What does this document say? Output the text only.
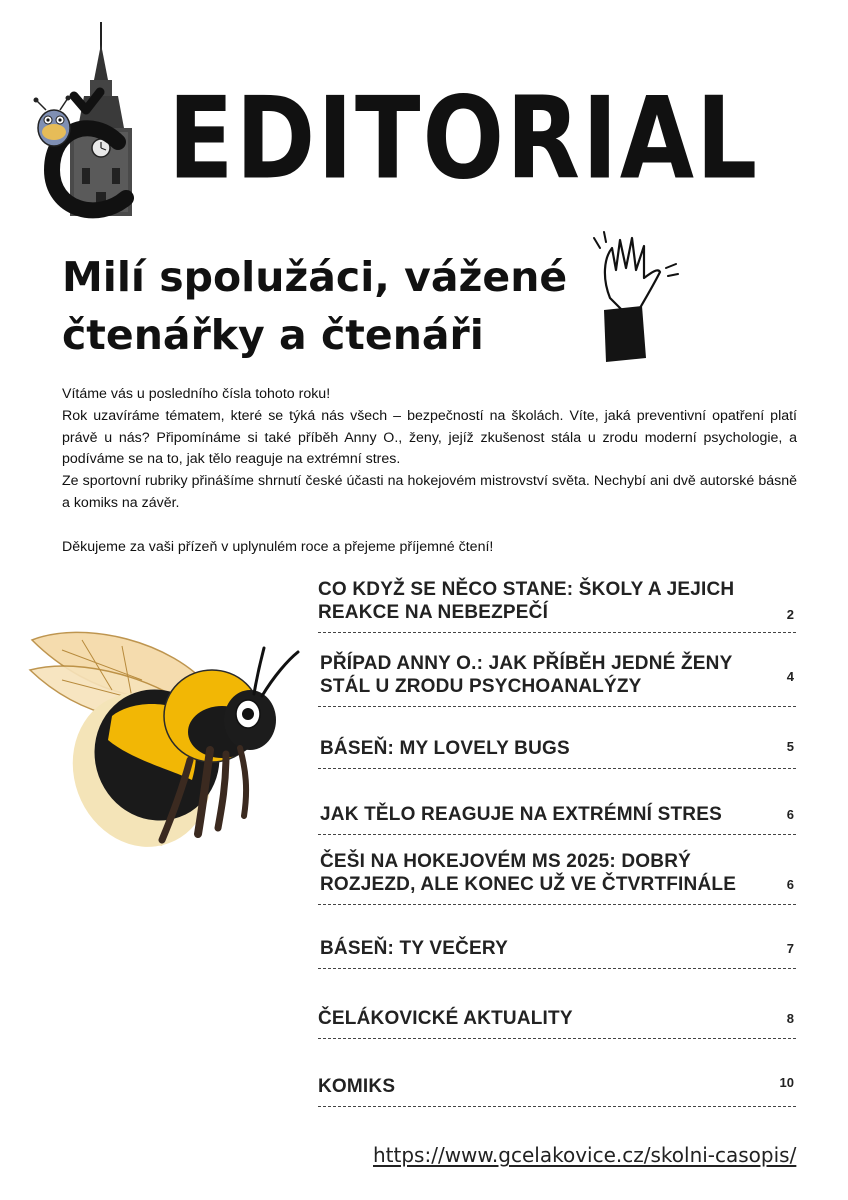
EDITORIAL
Milí spolužáci, vážené
čtenářky a čtenáři

Vítáme vás u posledního čísla tohoto roku!

Rok uzavíráme tématem, které se týká nás všech – bezpečností na školách. Víte, jaká preventivní opatření platí právě u nás? Připomínáme si také příběh Anny O., ženy, jejíž zkušenost stála u zrodu moderní psychologie, a podíváme se na to, jak tělo reaguje na extrémní stres.

Ze sportovní rubriky přinášíme shrnutí české účasti na hokejovém mistrovství světa. Nechybí ani dvě autorské básně a komiks na závěr.

Děkujeme za vaši přízeň v uplynulém roce a přejeme příjemné čtení!

CO KDYŽ SE NĚCO STANE: ŠKOLY A JEJICH
REAKCE NA NEBEZPEČÍ	2
PŘÍPAD ANNY O.: JAK PŘÍBĚH JEDNÉ ŽENY
STÁL U ZRODU PSYCHOANALÝZY	4
BÁSEŇ: MY LOVELY BUGS	5
JAK TĚLO REAGUJE NA EXTRÉMNÍ STRES	6
ČEŠI NA HOKEJOVÉM MS 2025: DOBRÝ
ROZJEZD, ALE KONEC UŽ VE ČTVRTFINÁLE	6
BÁSEŇ: TY VEČERY	7
ČELÁKOVICKÉ AKTUALITY	8
KOMIKS	10
https://www.gcelakovice.cz/skolni-casopis/
